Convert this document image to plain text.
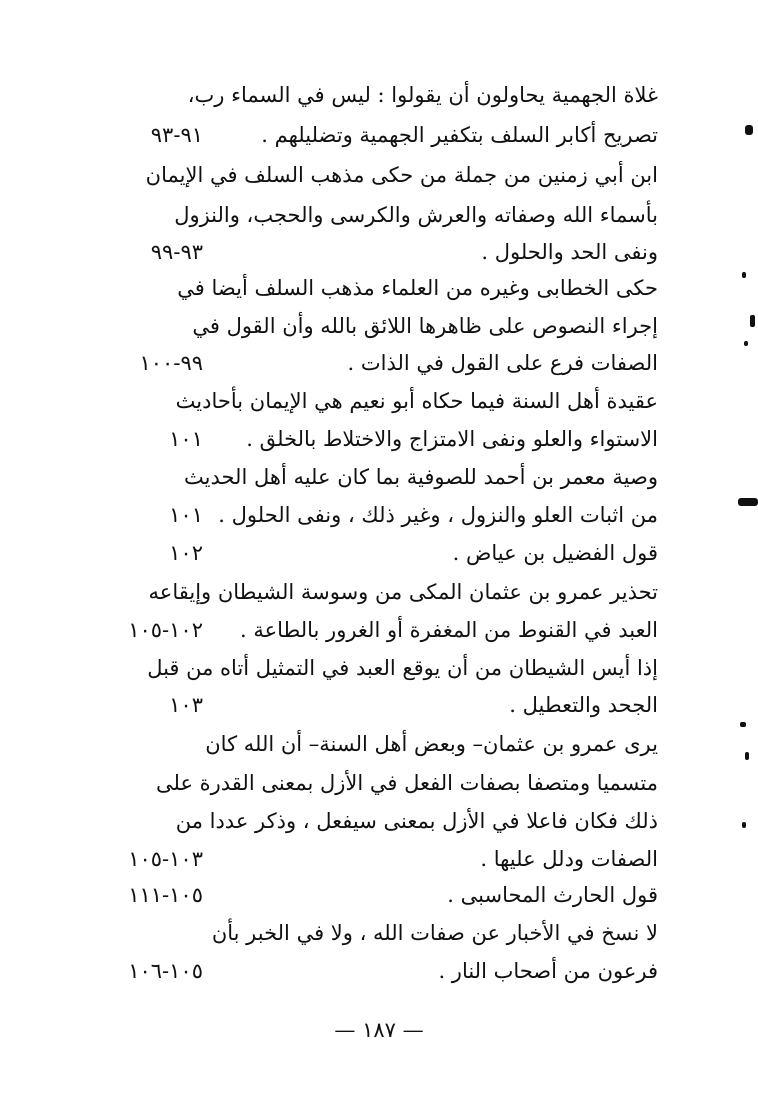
غلاة الجهمية يحاولون أن يقولوا : ليس في السماء رب،
تصريح أكابر السلف بتكفير الجهمية وتضليلهم .
٩١-٩٣
ابن أبي زمنين من جملة من حكى مذهب السلف في الإيمان
بأسماء الله وصفاته والعرش والكرسى والحجب، والنزول
ونفى الحد والحلول .
٩٣-٩٩
حكى الخطابى وغيره من العلماء مذهب السلف أيضا في
إجراء النصوص على ظاهرها اللائق بالله وأن القول في
الصفات فرع على القول في الذات .
٩٩-١٠٠
عقيدة أهل السنة فيما حكاه أبو نعيم هي الإيمان بأحاديث
الاستواء والعلو ونفى الامتزاج والاختلاط بالخلق .
١٠١
وصية معمر بن أحمد للصوفية بما كان عليه أهل الحديث
من اثبات العلو والنزول ، وغير ذلك ، ونفى الحلول .
١٠١
قول الفضيل بن عياض .
١٠٢
تحذير عمرو بن عثمان المكى من وسوسة الشيطان وإيقاعه
العبد في القنوط من المغفرة أو الغرور بالطاعة .
١٠٢-١٠٥
إذا أيس الشيطان من أن يوقع العبد في التمثيل أتاه من قبل
الجحد والتعطيل .
١٠٣
يرى عمرو بن عثمان– وبعض أهل السنة– أن الله كان
متسميا ومتصفا بصفات الفعل في الأزل بمعنى القدرة على
ذلك فكان فاعلا في الأزل بمعنى سيفعل ، وذكر عددا من
الصفات ودلل عليها .
١٠٣-١٠٥
قول الحارث المحاسبى .
١٠٥-١١١
لا نسخ في الأخبار عن صفات الله ، ولا في الخبر بأن
فرعون من أصحاب النار .
١٠٥-١٠٦
— ١٨٧ —
